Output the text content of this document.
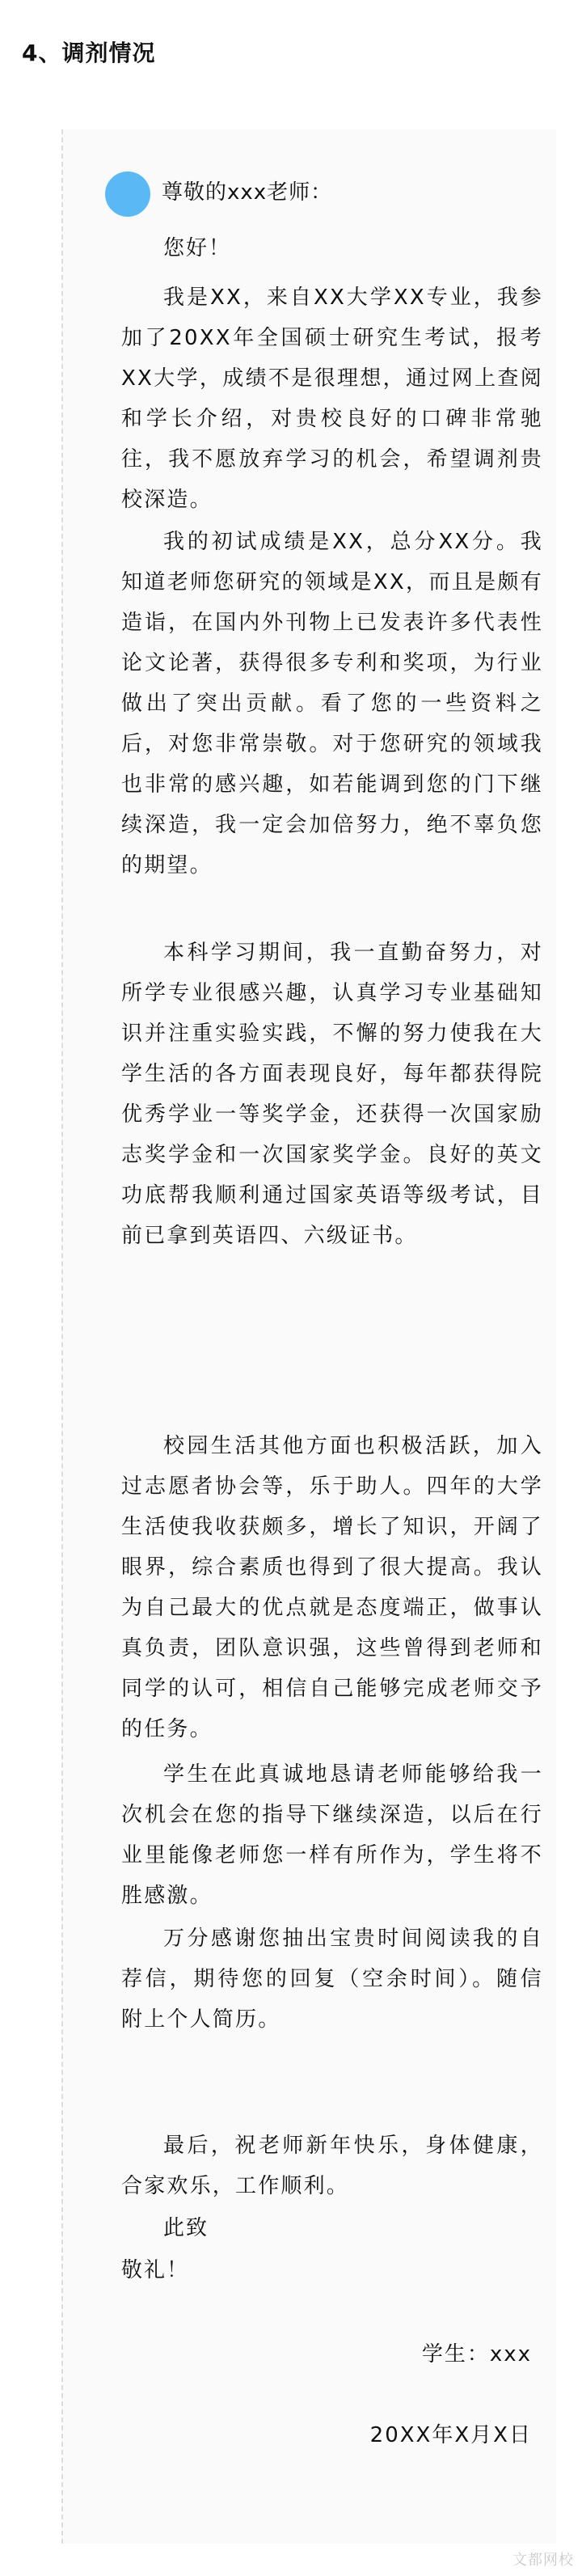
4、调剂情况
尊敬的xxx老师：
您好！

我是XX，来自XX大学XX专业，我参加了20XX年全国硕士研究生考试，报考XX大学，成绩不是很理想，通过网上查阅和学长介绍，对贵校良好的口碑非常驰往，我不愿放弃学习的机会，希望调剂贵校深造。

我的初试成绩是XX，总分XX分。我知道老师您研究的领域是XX，而且是颇有造诣，在国内外刊物上已发表许多代表性论文论著，获得很多专利和奖项，为行业做出了突出贡献。看了您的一些资料之后，对您非常崇敬。对于您研究的领域我也非常的感兴趣，如若能调到您的门下继续深造，我一定会加倍努力，绝不辜负您的期望。

本科学习期间，我一直勤奋努力，对所学专业很感兴趣，认真学习专业基础知识并注重实验实践，不懈的努力使我在大学生活的各方面表现良好，每年都获得院优秀学业一等奖学金，还获得一次国家励志奖学金和一次国家奖学金。良好的英文功底帮我顺利通过国家英语等级考试，目前已拿到英语四、六级证书。

校园生活其他方面也积极活跃，加入过志愿者协会等，乐于助人。四年的大学生活使我收获颇多，增长了知识，开阔了眼界，综合素质也得到了很大提高。我认为自己最大的优点就是态度端正，做事认真负责，团队意识强，这些曾得到老师和同学的认可，相信自己能够完成老师交予的任务。

学生在此真诚地恳请老师能够给我一次机会在您的指导下继续深造，以后在行业里能像老师您一样有所作为，学生将不胜感激。

万分感谢您抽出宝贵时间阅读我的自荐信，期待您的回复（空余时间）。随信附上个人简历。

最后，祝老师新年快乐，身体健康，合家欢乐，工作顺利。

此致
敬礼！
学生：xxx
20XX年X月X日
文都网校
